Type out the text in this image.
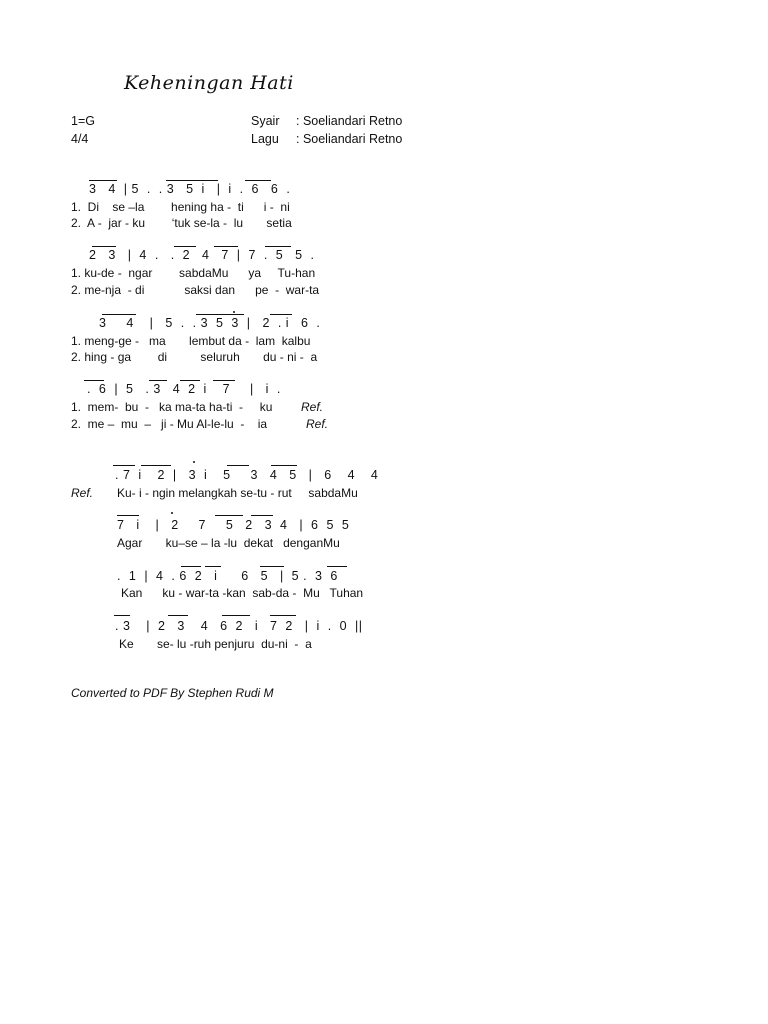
Keheningan Hati
1=G
4/4
Syair : Soeliandari Retno
Lagu : Soeliandari Retno
3   4  | 5  .  . 3   5  i   |  i  .  6   6  .
1.  Di    se –la        hening ha -  ti      i -  ni
2.  A -  jar - ku        ‘tuk se-la -  lu       setia
2   3   |  4  .   .  2   4   7  |  7  .  5   5  .
1. ku-de -  ngar        sabdaMu      ya     Tu-han
2. me-nja  - di            saksi dan      pe  -  war-ta
3     4    |   5  .  . 3  5  3  |   2  . i   6  .
1. meng-ge -   ma       lembut da -  lam  kalbu
2. hing - ga        di          seluruh       du - ni -  a
.  6  |  5   . 3   4  2  i    7     |   i  .
1.  mem-  bu  -   ka ma-ta ha-ti  -     ku Ref.
2.  me –  mu  –   ji - Mu Al-le-lu  -    ia	Ref.
. 7  i    2  |   3  i    5     3   4   5   |   6    4    4
Ref. Ku- i - ngin melangkah se-tu - rut     sabdaMu
7   i    |   2     7     5   2   3  4   |  6  5  5
Agar       ku–se – la -lu  dekat   denganMu
.  1  |  4  . 6  2   i      6   5   |  5 .  3  6
Kan      ku - war-ta -kan  sab-da -  Mu   Tuhan
. 3    |  2   3    4   6  2   i   7  2   |  i  .  0  ||
Ke       se- lu -ruh penjuru  du-ni  -  a
Converted to PDF By Stephen Rudi M
